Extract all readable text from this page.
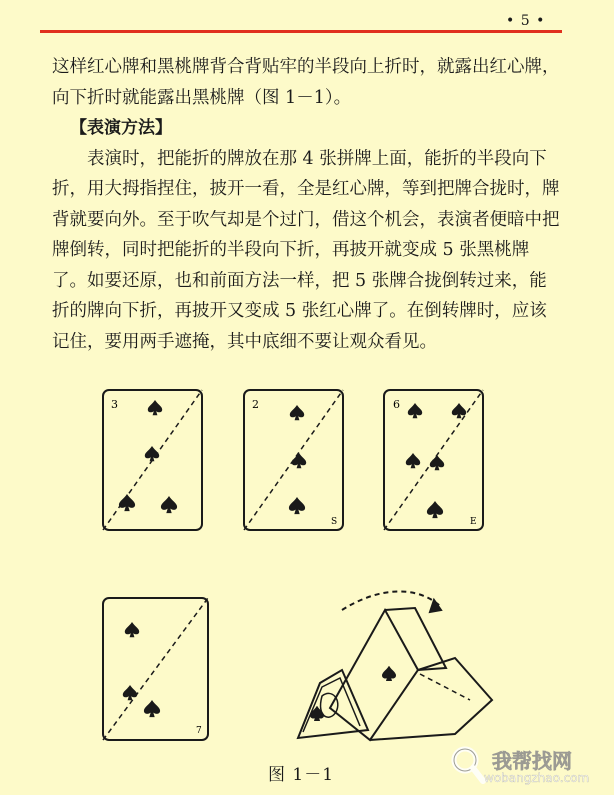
• 5 •

这样红心牌和黑桃牌背合背贴牢的半段向上折时，就露出红心牌，向下折时就能露出黑桃牌（图 1－1）。

【表演方法】

表演时，把能折的牌放在那 4 张拼牌上面，能折的半段向下折，用大拇指捏住，披开一看，全是红心牌，等到把牌合拢时，牌背就要向外。至于吹气却是个过门，借这个机会，表演者便暗中把牌倒转，同时把能折的半段向下折，再披开就变成 5 张黑桃牌了。如要还原，也和前面方法一样，把 5 张牌合拢倒转过来，能折的牌向下折，再披开又变成 5 张红心牌了。在倒转牌时，应该记住，要用两手遮掩，其中底细不要让观众看见。

3	2
S
6
E
7
图 1－1
我帮找网
wobangzhao.com
